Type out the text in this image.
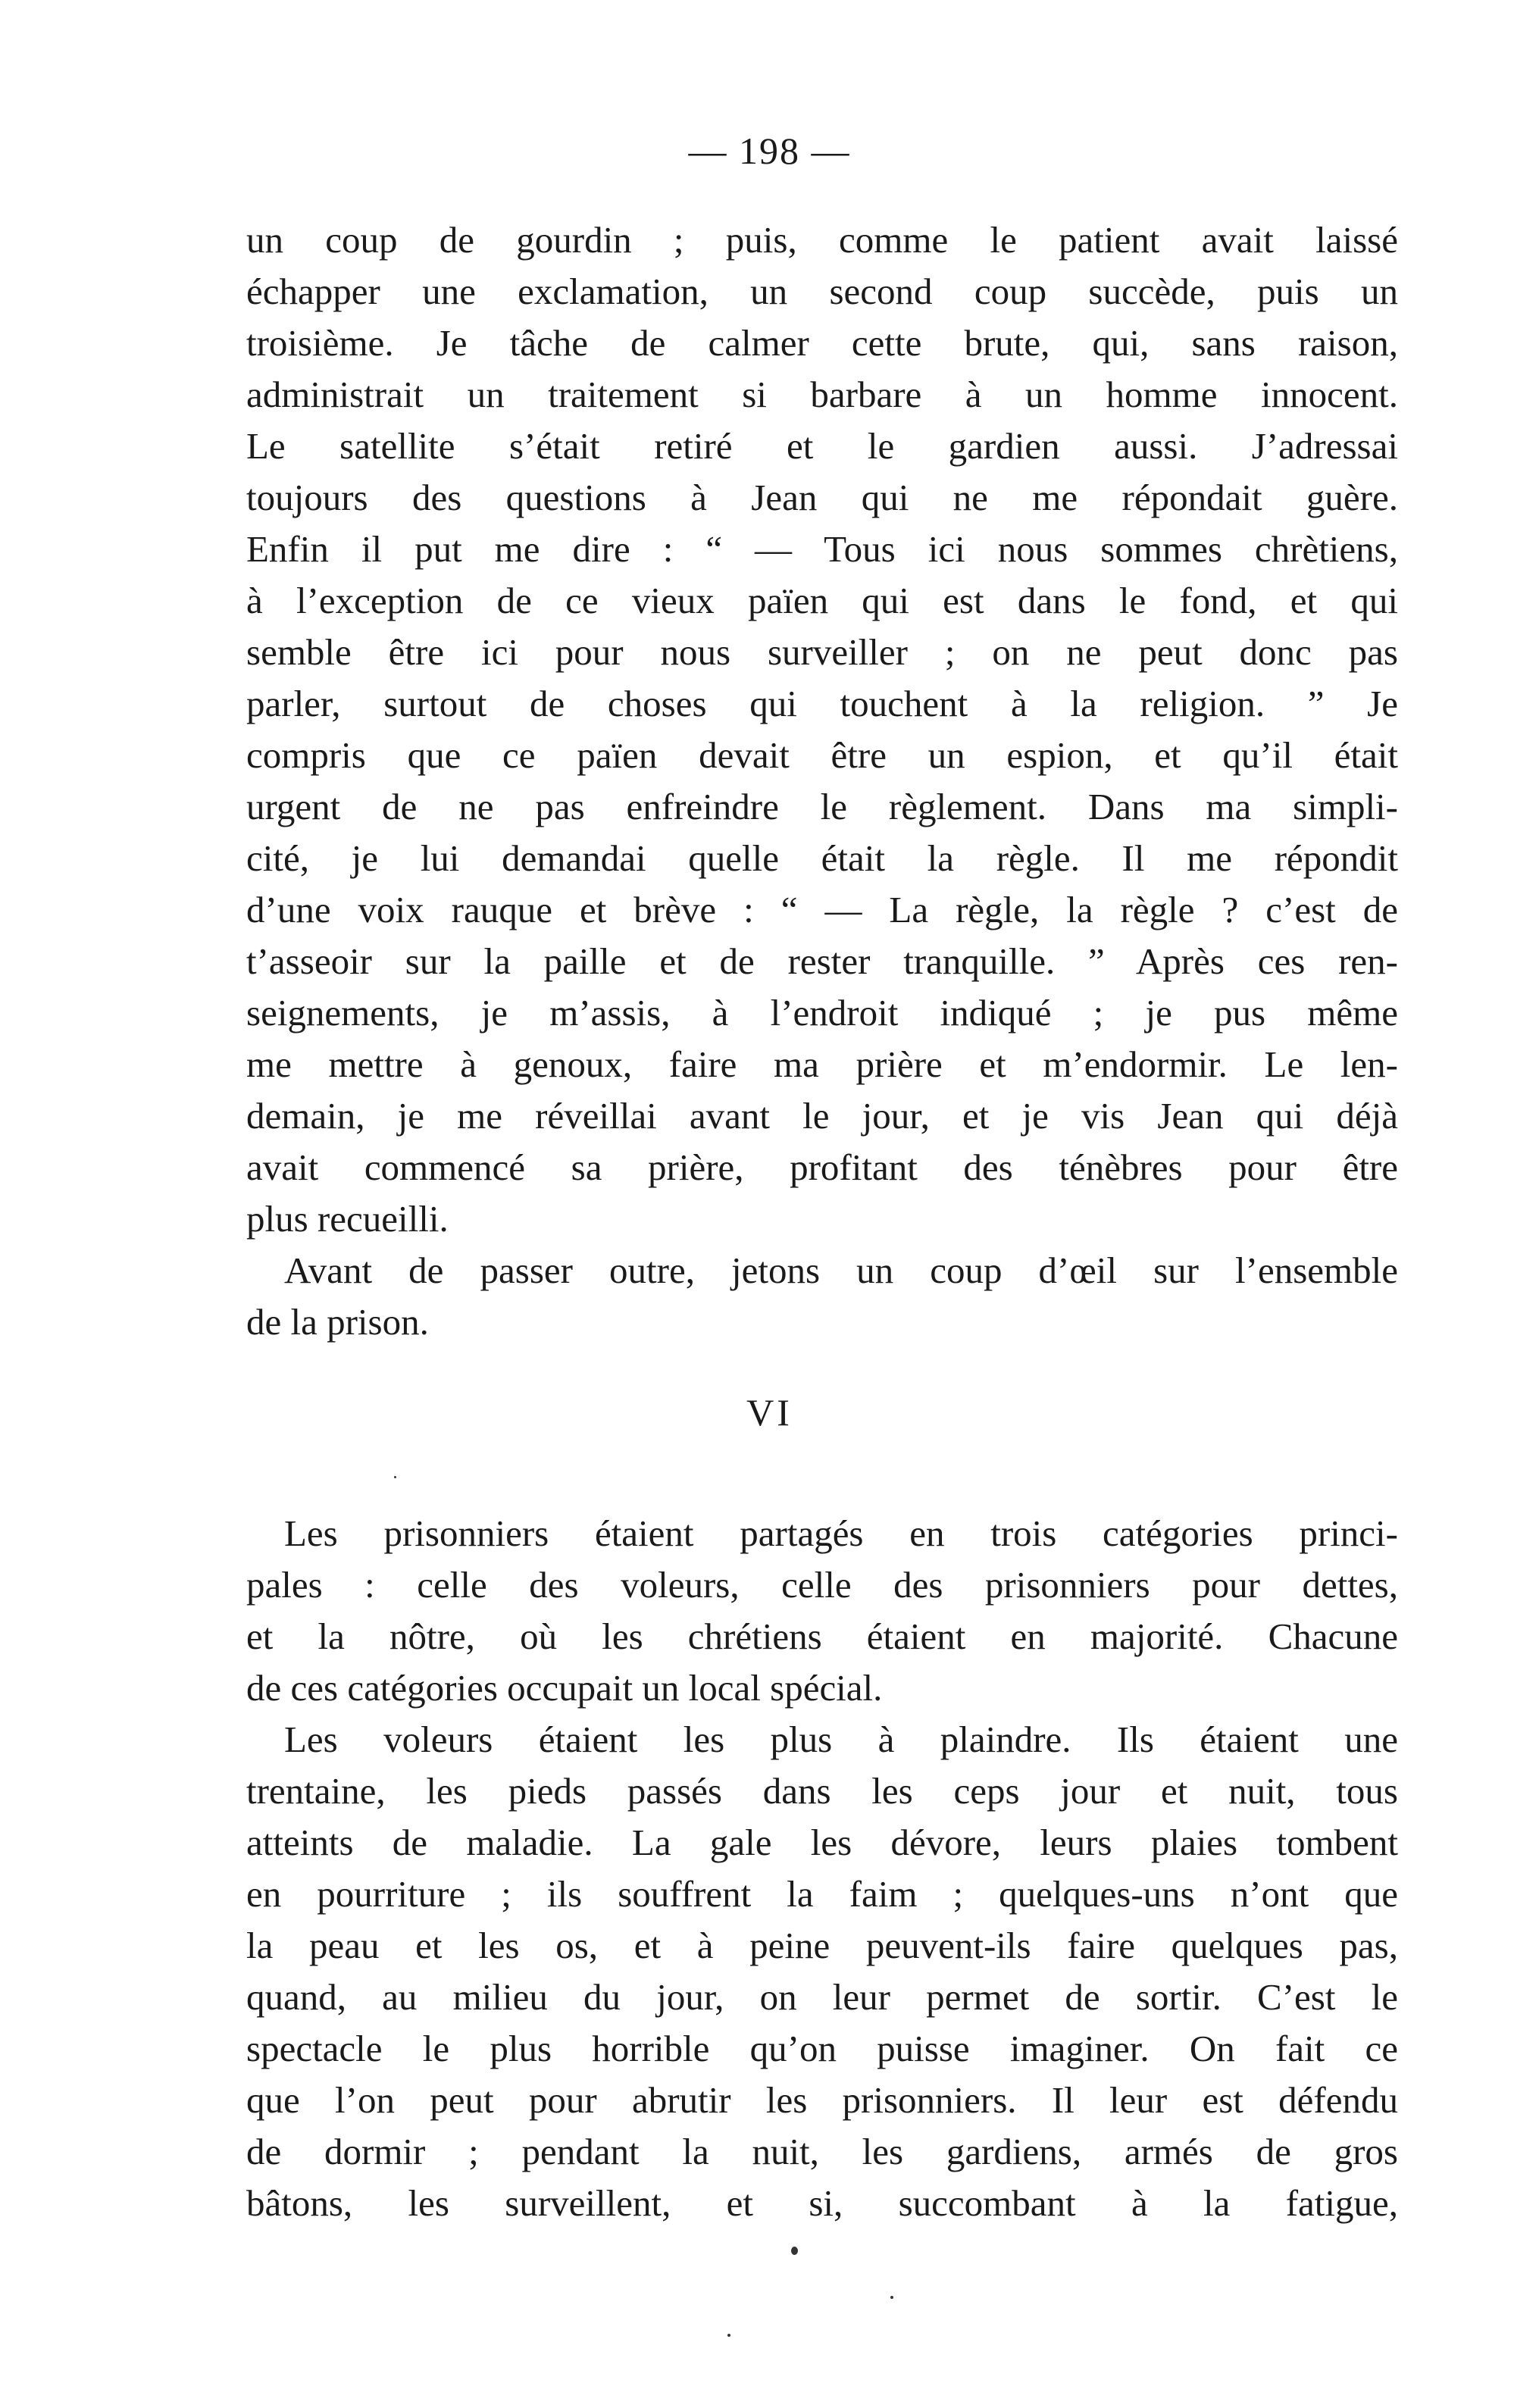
— 198 —
un coup de gourdin ; puis, comme le patient avait laissé
échapper une exclamation, un second coup succède, puis un
troisième. Je tâche de calmer cette brute, qui, sans raison,
administrait un traitement si barbare à un homme innocent.
Le satellite s’était retiré et le gardien aussi. J’adressai
toujours des questions à Jean qui ne me répondait guère.
Enfin il put me dire : “ — Tous ici nous sommes chrètiens,
à l’exception de ce vieux païen qui est dans le fond, et qui
semble être ici pour nous surveiller ; on ne peut donc pas
parler, surtout de choses qui touchent à la religion. ” Je
compris que ce païen devait être un espion, et qu’il était
urgent de ne pas enfreindre le règlement. Dans ma simpli-
cité, je lui demandai quelle était la règle. Il me répondit
d’une voix rauque et brève : “ — La règle, la règle ? c’est de
t’asseoir sur la paille et de rester tranquille. ” Après ces ren-
seignements, je m’assis, à l’endroit indiqué ; je pus même
me mettre à genoux, faire ma prière et m’endormir. Le len-
demain, je me réveillai avant le jour, et je vis Jean qui déjà
avait commencé sa prière, profitant des ténèbres pour être
plus recueilli.
Avant de passer outre, jetons un coup d’œil sur l’ensemble
de la prison.
VI
Les prisonniers étaient partagés en trois catégories princi-
pales : celle des voleurs, celle des prisonniers pour dettes,
et la nôtre, où les chrétiens étaient en majorité. Chacune
de ces catégories occupait un local spécial.
Les voleurs étaient les plus à plaindre. Ils étaient une
trentaine, les pieds passés dans les ceps jour et nuit, tous
atteints de maladie. La gale les dévore, leurs plaies tombent
en pourriture ; ils souffrent la faim ; quelques-uns n’ont que
la peau et les os, et à peine peuvent-ils faire quelques pas,
quand, au milieu du jour, on leur permet de sortir. C’est le
spectacle le plus horrible qu’on puisse imaginer. On fait ce
que l’on peut pour abrutir les prisonniers. Il leur est défendu
de dormir ; pendant la nuit, les gardiens, armés de gros
bâtons, les surveillent, et si, succombant à la fatigue,
